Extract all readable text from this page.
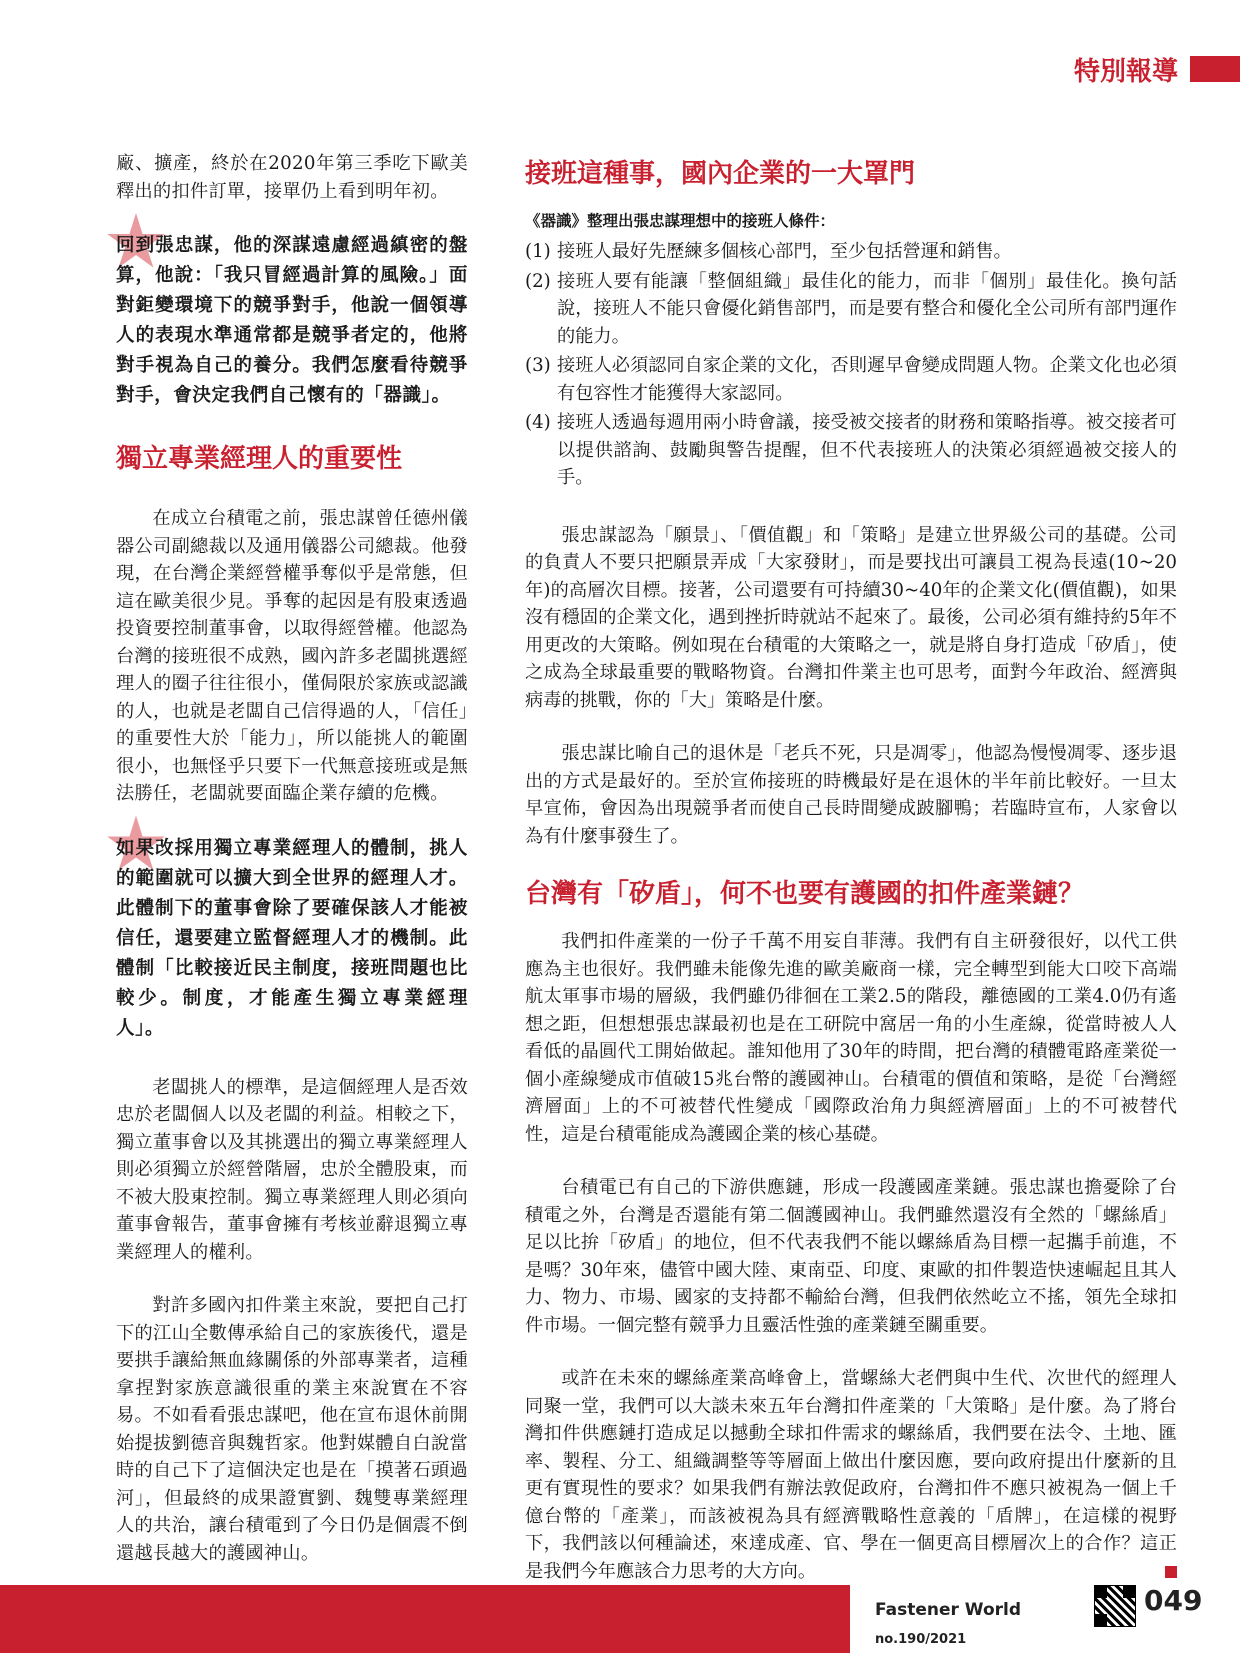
特別報導

廠、擴產，終於在2020年第三季吃下歐美釋出的扣件訂單，接單仍上看到明年初。

回到張忠謀，他的深謀遠慮經過縝密的盤算，他說：「我只冒經過計算的風險。」面對鉅變環境下的競爭對手，他說一個領導人的表現水準通常都是競爭者定的，他將對手視為自己的養分。我們怎麼看待競爭對手，會決定我們自己懷有的「器識」。

獨立專業經理人的重要性

在成立台積電之前，張忠謀曾任德州儀器公司副總裁以及通用儀器公司總裁。他發現，在台灣企業經營權爭奪似乎是常態，但這在歐美很少見。爭奪的起因是有股東透過投資要控制董事會，以取得經營權。他認為台灣的接班很不成熟，國內許多老闆挑選經理人的圈子往往很小，僅侷限於家族或認識的人，也就是老闆自己信得過的人，「信任」的重要性大於「能力」，所以能挑人的範圍很小，也無怪乎只要下一代無意接班或是無法勝任，老闆就要面臨企業存續的危機。

如果改採用獨立專業經理人的體制，挑人的範圍就可以擴大到全世界的經理人才。此體制下的董事會除了要確保該人才能被信任，還要建立監督經理人才的機制。此體制「比較接近民主制度，接班問題也比較少。制度，才能產生獨立專業經理人」。

老闆挑人的標準，是這個經理人是否效忠於老闆個人以及老闆的利益。相較之下，獨立董事會以及其挑選出的獨立專業經理人則必須獨立於經營階層，忠於全體股東，而不被大股東控制。獨立專業經理人則必須向董事會報告，董事會擁有考核並辭退獨立專業經理人的權利。

對許多國內扣件業主來說，要把自己打下的江山全數傳承給自己的家族後代，還是要拱手讓給無血緣關係的外部專業者，這種拿捏對家族意識很重的業主來說實在不容易。不如看看張忠謀吧，他在宣布退休前開始提拔劉德音與魏哲家。他對媒體自白說當時的自己下了這個決定也是在「摸著石頭過河」，但最終的成果證實劉、魏雙專業經理人的共治，讓台積電到了今日仍是個震不倒還越長越大的護國神山。

接班這種事，國內企業的一大罩門

《器識》整理出張忠謀理想中的接班人條件：

(1) 接班人最好先歷練多個核心部門，至少包括營運和銷售。
(2) 接班人要有能讓「整個組織」最佳化的能力，而非「個別」最佳化。換句話說，接班人不能只會優化銷售部門，而是要有整合和優化全公司所有部門運作的能力。
(3) 接班人必須認同自家企業的文化，否則遲早會變成問題人物。企業文化也必須有包容性才能獲得大家認同。
(4) 接班人透過每週用兩小時會議，接受被交接者的財務和策略指導。被交接者可以提供諮詢、鼓勵與警告提醒，但不代表接班人的決策必須經過被交接人的手。

張忠謀認為「願景」、「價值觀」和「策略」是建立世界級公司的基礎。公司的負責人不要只把願景弄成「大家發財」，而是要找出可讓員工視為長遠(10~20年)的高層次目標。接著，公司還要有可持續30~40年的企業文化(價值觀)，如果沒有穩固的企業文化，遇到挫折時就站不起來了。最後，公司必須有維持約5年不用更改的大策略。例如現在台積電的大策略之一，就是將自身打造成「矽盾」，使之成為全球最重要的戰略物資。台灣扣件業主也可思考，面對今年政治、經濟與病毒的挑戰，你的「大」策略是什麼。

張忠謀比喻自己的退休是「老兵不死，只是凋零」，他認為慢慢凋零、逐步退出的方式是最好的。至於宣佈接班的時機最好是在退休的半年前比較好。一旦太早宣佈，會因為出現競爭者而使自己長時間變成跛腳鴨；若臨時宣布，人家會以為有什麼事發生了。

台灣有「矽盾」，何不也要有護國的扣件產業鏈？

我們扣件產業的一份子千萬不用妄自菲薄。我們有自主研發很好，以代工供應為主也很好。我們雖未能像先進的歐美廠商一樣，完全轉型到能大口咬下高端航太軍事市場的層級，我們雖仍徘徊在工業2.5的階段，離德國的工業4.0仍有遙想之距，但想想張忠謀最初也是在工研院中窩居一角的小生產線，從當時被人人看低的晶圓代工開始做起。誰知他用了30年的時間，把台灣的積體電路產業從一個小產線變成市值破15兆台幣的護國神山。台積電的價值和策略，是從「台灣經濟層面」上的不可被替代性變成「國際政治角力與經濟層面」上的不可被替代性，這是台積電能成為護國企業的核心基礎。

台積電已有自己的下游供應鏈，形成一段護國產業鏈。張忠謀也擔憂除了台積電之外，台灣是否還能有第二個護國神山。我們雖然還沒有全然的「螺絲盾」足以比拚「矽盾」的地位，但不代表我們不能以螺絲盾為目標一起攜手前進，不是嗎？30年來，儘管中國大陸、東南亞、印度、東歐的扣件製造快速崛起且其人力、物力、市場、國家的支持都不輸給台灣，但我們依然屹立不搖，領先全球扣件市場。一個完整有競爭力且靈活性強的產業鏈至關重要。

或許在未來的螺絲產業高峰會上，當螺絲大老們與中生代、次世代的經理人同聚一堂，我們可以大談未來五年台灣扣件產業的「大策略」是什麼。為了將台灣扣件供應鏈打造成足以撼動全球扣件需求的螺絲盾，我們要在法令、土地、匯率、製程、分工、組織調整等等層面上做出什麼因應，要向政府提出什麼新的且更有實現性的要求？如果我們有辦法敦促政府，台灣扣件不應只被視為一個上千億台幣的「產業」，而該被視為具有經濟戰略性意義的「盾牌」，在這樣的視野下，我們該以何種論述，來達成產、官、學在一個更高目標層次上的合作？這正是我們今年應該合力思考的大方向。

Fastener World no.190/2021
049
